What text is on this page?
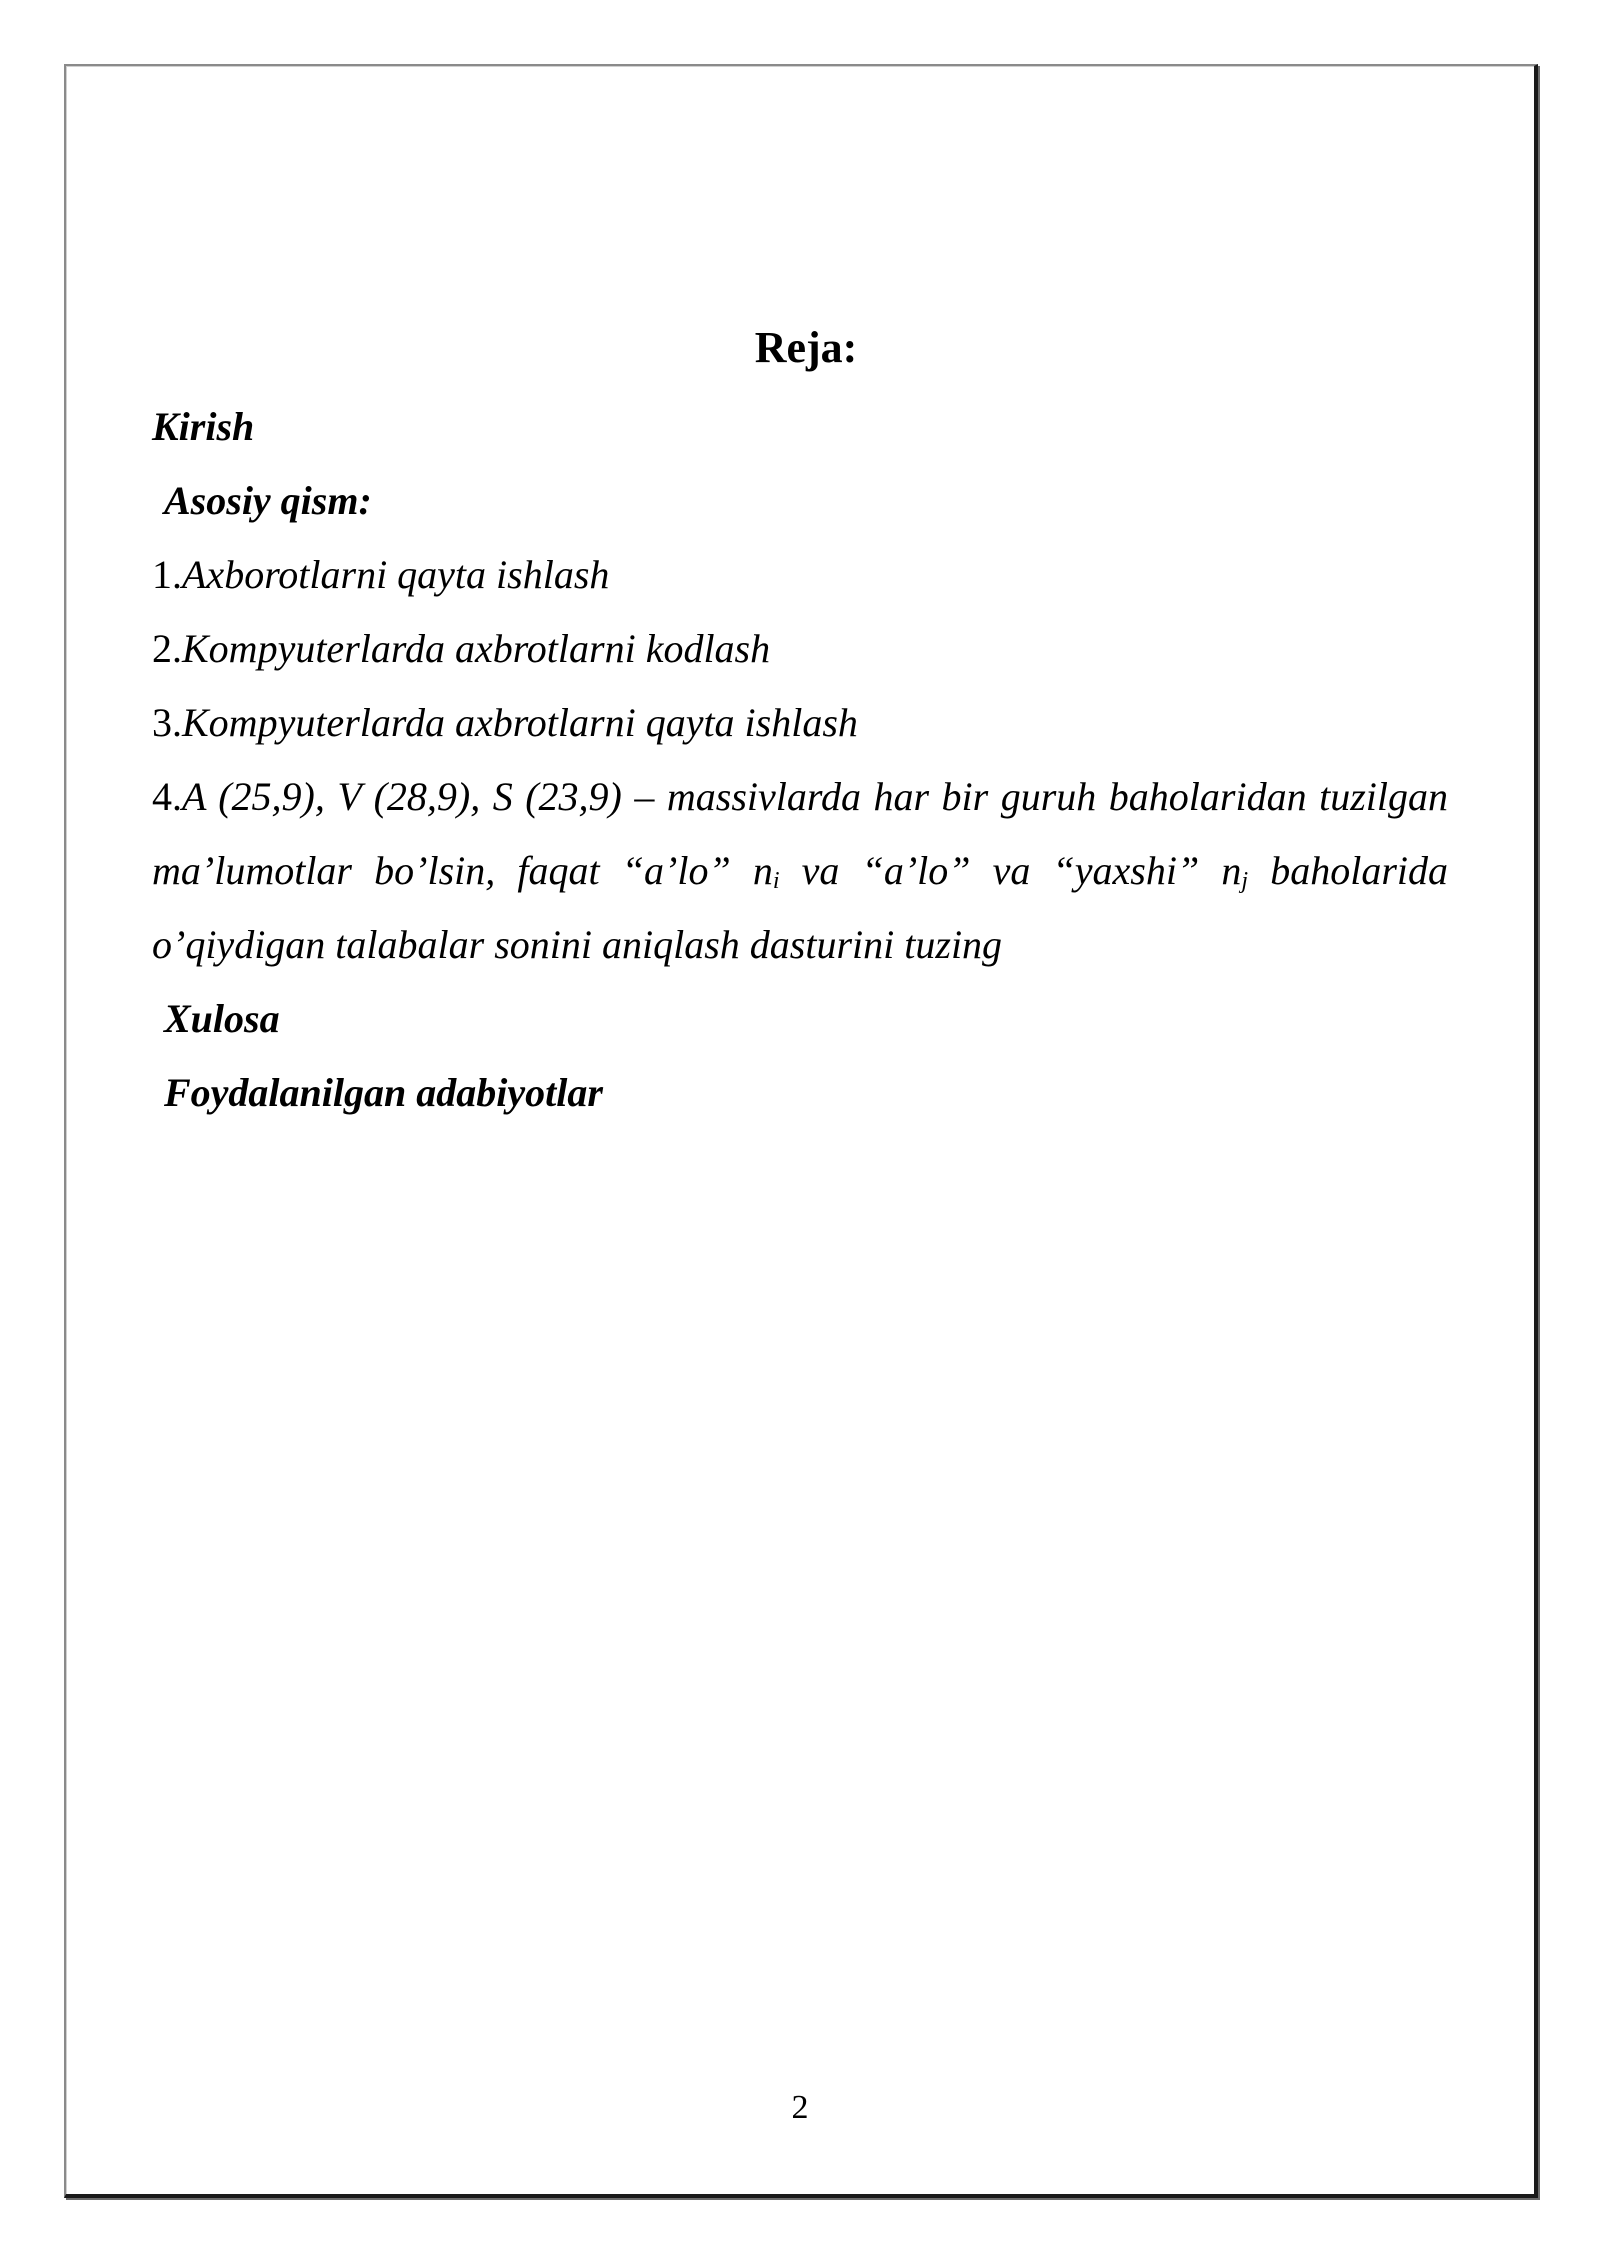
Reja:

Kirish

Asosiy qism:

1.Axborotlarni qayta ishlash

2.Kompyuterlarda axbrotlarni kodlash

3.Kompyuterlarda axbrotlarni qayta ishlash

4.A (25,9), V (28,9), S (23,9) – massivlarda har bir guruh baholaridan tuzilgan ma’lumotlar bo’lsin, faqat “a’lo” $n_i$ va “a’lo” va “yaxshi” $n_j$ baholarida o’qiydigan talabalar sonini aniqlash dasturini tuzing

Xulosa

Foydalanilgan adabiyotlar

2
